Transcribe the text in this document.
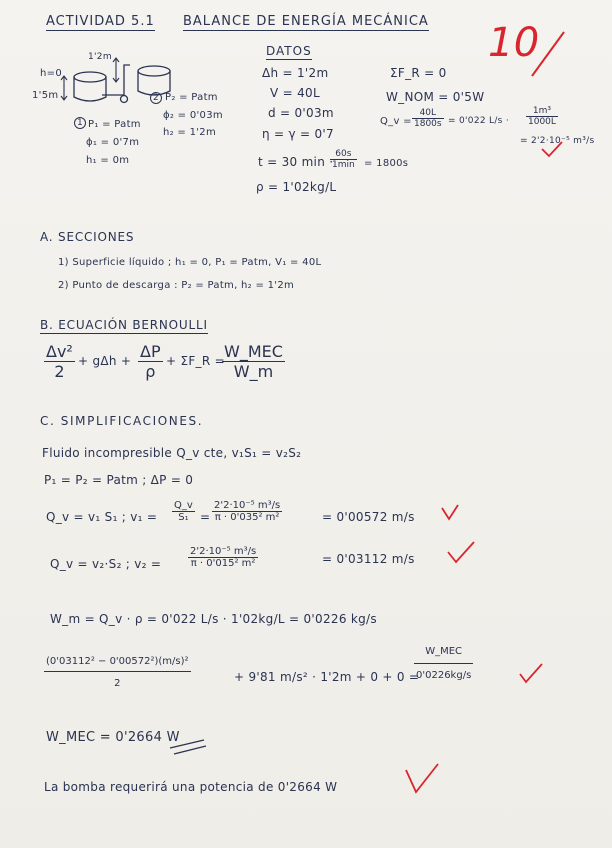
ACTIVIDAD 5.1 BALANCE DE ENERGÍA MECÁNICA 10
1'2m
h=0
1'5m	2 P₂ = Patm
ϕ₂ = 0'03m
h₂ = 1'2m
1 P₁ = Patm
ϕ₁ = 0'7m
h₁ = 0m
DATOS
Δh = 1'2m
V = 40L
d = 0'03m
η = γ = 0'7
t = 30 min ·
60s
1min = 1800s
ρ = 1'02kg/L
ΣF_R = 0
W_NOM = 0'5W
Q_v = $\frac{40L}{1800s} = 0'022$ $L/s \cdot \frac{\text{1m³}}{1000L}$
= 2'2·10⁻⁵ m³/s
A. SECCIONES
1) Superficie líquido ; h₁ = 0, P₁ = Patm, V₁ = 40L
2) Punto de descarga : P₂ = Patm, h₂ = 1'2m
B. ECUACIÓN BERNOULLI
$\frac{\text{Δv²}}{2} + g\Delta h + \frac{\Delta P}{\rho}$ + ΣF_R = W_MEC
W_m
C. SIMPLIFICACIONES.
Fluido incompresible Q_v cte, v₁S₁ = v₂S₂
P₁ = P₂ = Patm ; ΔP = 0
Q_v = v₁ S₁ ; $v_1 = \frac{Q\_v}{\text{S₁}} = \frac{\text{2'2·10⁻⁵ m³/s}}{\text{π · 0'035² m²}}$	= 0'00572 m/s
Q_v = v₂·S₂ ; v₂ =	$\frac{\text{2'2·10⁻⁵ m³/s}}{\text{π · 0'015² m²}}$	= 0'03112 m/s
W_m = Q_v · ρ = 0'022 L/s · 1'02kg/L = 0'0226 kg/s
$\frac{\text{(0'03112² − 0'00572²)(m/s)²}}{2}$	+ 9'81 m/s² · 1'2m + 0 + 0 =
W_MEC
0'0226kg/s
W_MEC = 0'2664 W
La bomba requerirá una potencia de 0'2664 W
